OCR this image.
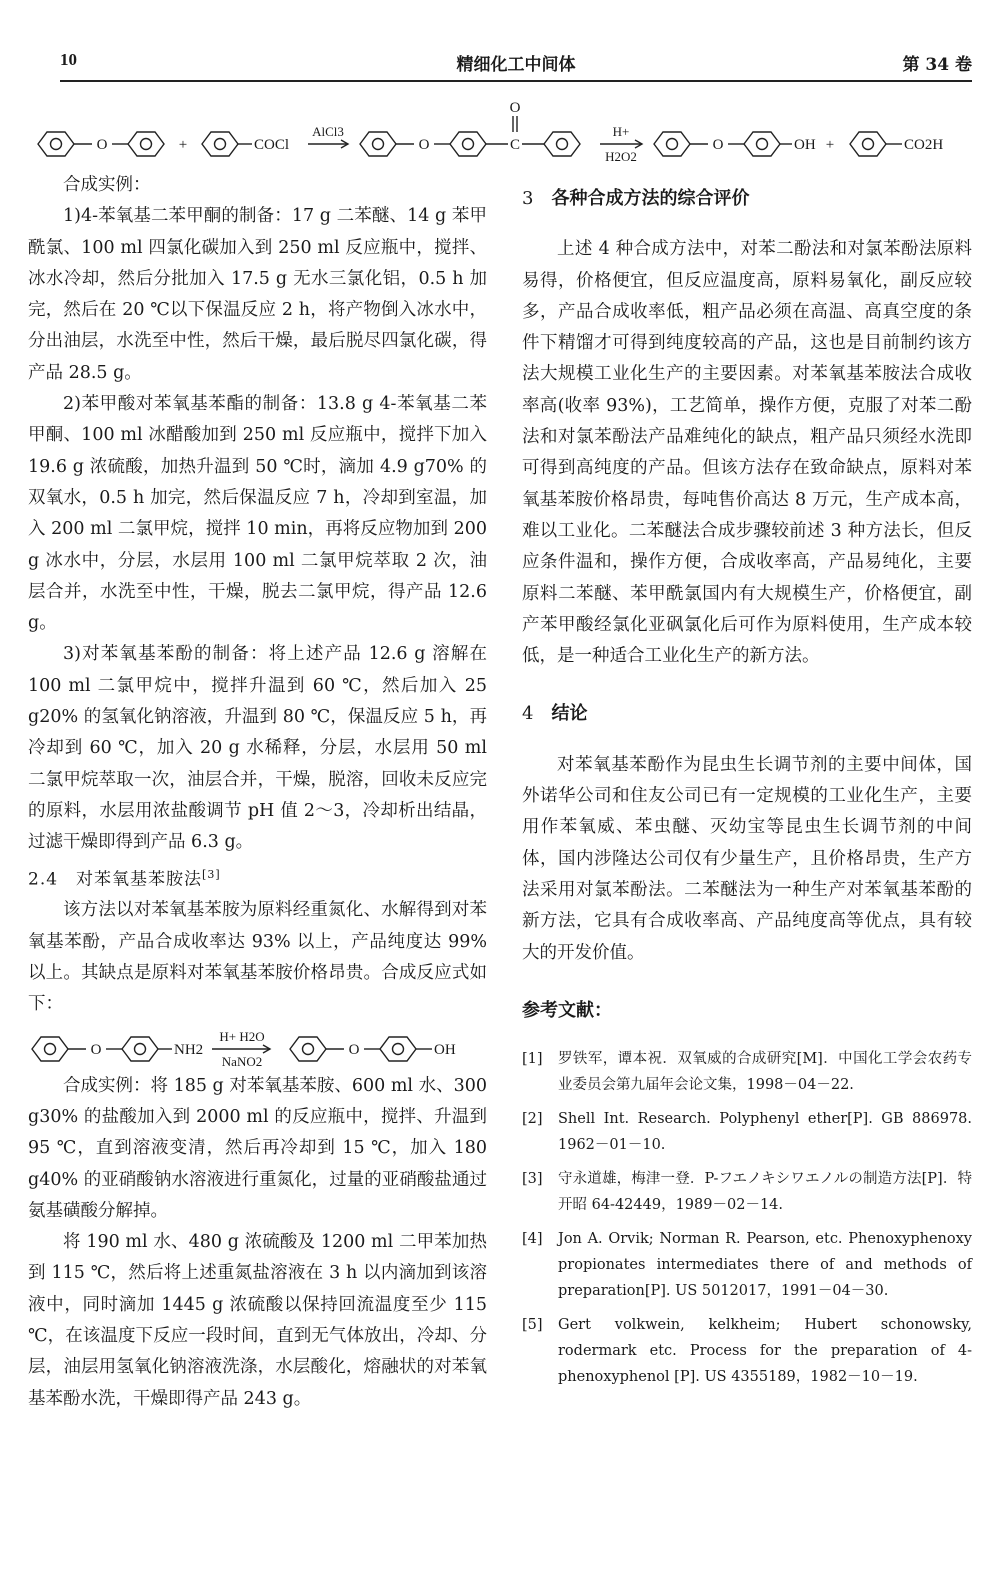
10	精细化工中间体	第 34 卷
O	+	COCl
AlCl3
O
O
C
H+
H2O2
O	OH +	CO2H

合成实例：

1)4-苯氧基二苯甲酮的制备：17 g 二苯醚、14 g 苯甲酰氯、100 ml 四氯化碳加入到 250 ml 反应瓶中，搅拌、冰水冷却，然后分批加入 17.5 g 无水三氯化铝，0.5 h 加完，然后在 20 ℃以下保温反应 2 h，将产物倒入冰水中，分出油层，水洗至中性，然后干燥，最后脱尽四氯化碳，得产品 28.5 g。

2)苯甲酸对苯氧基苯酯的制备：13.8 g 4-苯氧基二苯甲酮、100 ml 冰醋酸加到 250 ml 反应瓶中，搅拌下加入 19.6 g 浓硫酸，加热升温到 50 ℃时，滴加 4.9 g70% 的双氧水，0.5 h 加完，然后保温反应 7 h，冷却到室温，加入 200 ml 二氯甲烷，搅拌 10 min，再将反应物加到 200 g 冰水中，分层，水层用 100 ml 二氯甲烷萃取 2 次，油层合并，水洗至中性，干燥，脱去二氯甲烷，得产品 12.6 g。

3)对苯氧基苯酚的制备：将上述产品 12.6 g 溶解在 100 ml 二氯甲烷中，搅拌升温到 60 ℃，然后加入 25 g20% 的氢氧化钠溶液，升温到 80 ℃，保温反应 5 h，再冷却到 60 ℃，加入 20 g 水稀释，分层，水层用 50 ml 二氯甲烷萃取一次，油层合并，干燥，脱溶，回收未反应完的原料，水层用浓盐酸调节 pH 值 2～3，冷却析出结晶，过滤干燥即得到产品 6.3 g。

2.4　对苯氧基苯胺法[3]

该方法以对苯氧基苯胺为原料经重氮化、水解得到对苯氧基苯酚，产品合成收率达 93% 以上，产品纯度达 99% 以上。其缺点是原料对苯氧基苯胺价格昂贵。合成反应式如下：

O	NH2
H+ H2O
NaNO2
O	OH

合成实例：将 185 g 对苯氧基苯胺、600 ml 水、300 g30% 的盐酸加入到 2000 ml 的反应瓶中，搅拌、升温到 95 ℃，直到溶液变清，然后再冷却到 15 ℃，加入 180 g40% 的亚硝酸钠水溶液进行重氮化，过量的亚硝酸盐通过氨基磺酸分解掉。

将 190 ml 水、480 g 浓硫酸及 1200 ml 二甲苯加热到 115 ℃，然后将上述重氮盐溶液在 3 h 以内滴加到该溶液中，同时滴加 1445 g 浓硫酸以保持回流温度至少 115 ℃，在该温度下反应一段时间，直到无气体放出，冷却、分层，油层用氢氧化钠溶液洗涤，水层酸化，熔融状的对苯氧基苯酚水洗，干燥即得产品 243 g。

3 各种合成方法的综合评价

上述 4 种合成方法中，对苯二酚法和对氯苯酚法原料易得，价格便宜，但反应温度高，原料易氧化，副反应较多，产品合成收率低，粗产品必须在高温、高真空度的条件下精馏才可得到纯度较高的产品，这也是目前制约该方法大规模工业化生产的主要因素。对苯氧基苯胺法合成收率高(收率 93%)，工艺简单，操作方便，克服了对苯二酚法和对氯苯酚法产品难纯化的缺点，粗产品只须经水洗即可得到高纯度的产品。但该方法存在致命缺点，原料对苯氧基苯胺价格昂贵，每吨售价高达 8 万元，生产成本高，难以工业化。二苯醚法合成步骤较前述 3 种方法长，但反应条件温和，操作方便，合成收率高，产品易纯化，主要原料二苯醚、苯甲酰氯国内有大规模生产，价格便宜，副产苯甲酸经氯化亚砜氯化后可作为原料使用，生产成本较低，是一种适合工业化生产的新方法。

4 结论

对苯氧基苯酚作为昆虫生长调节剂的主要中间体，国外诺华公司和住友公司已有一定规模的工业化生产，主要用作苯氧威、苯虫醚、灭幼宝等昆虫生长调节剂的中间体，国内涉隆达公司仅有少量生产，且价格昂贵，生产方法采用对氯苯酚法。二苯醚法为一种生产对苯氧基苯酚的新方法，它具有合成收率高、产品纯度高等优点，具有较大的开发价值。

参考文献：
[1] 罗铁军，谭本祝．双氧威的合成研究[M]．中国化工学会农药专业委员会第九届年会论文集，1998－04－22.
[2] Shell Int. Research. Polyphenyl ether[P]. GB 886978. 1962－01－10.
[3] 守永道雄，梅津一登．P-フエノキシワエノルの制造方法[P]．特开昭 64-42449，1989－02－14.
[4] Jon A. Orvik; Norman R. Pearson, etc. Phenoxyphenoxy propionates intermediates there of and methods of preparation[P]. US 5012017，1991－04－30.
[5] Gert volkwein, kelkheim; Hubert schonowsky, rodermark etc. Process for the preparation of 4-phenoxyphenol [P]. US 4355189，1982－10－19.
